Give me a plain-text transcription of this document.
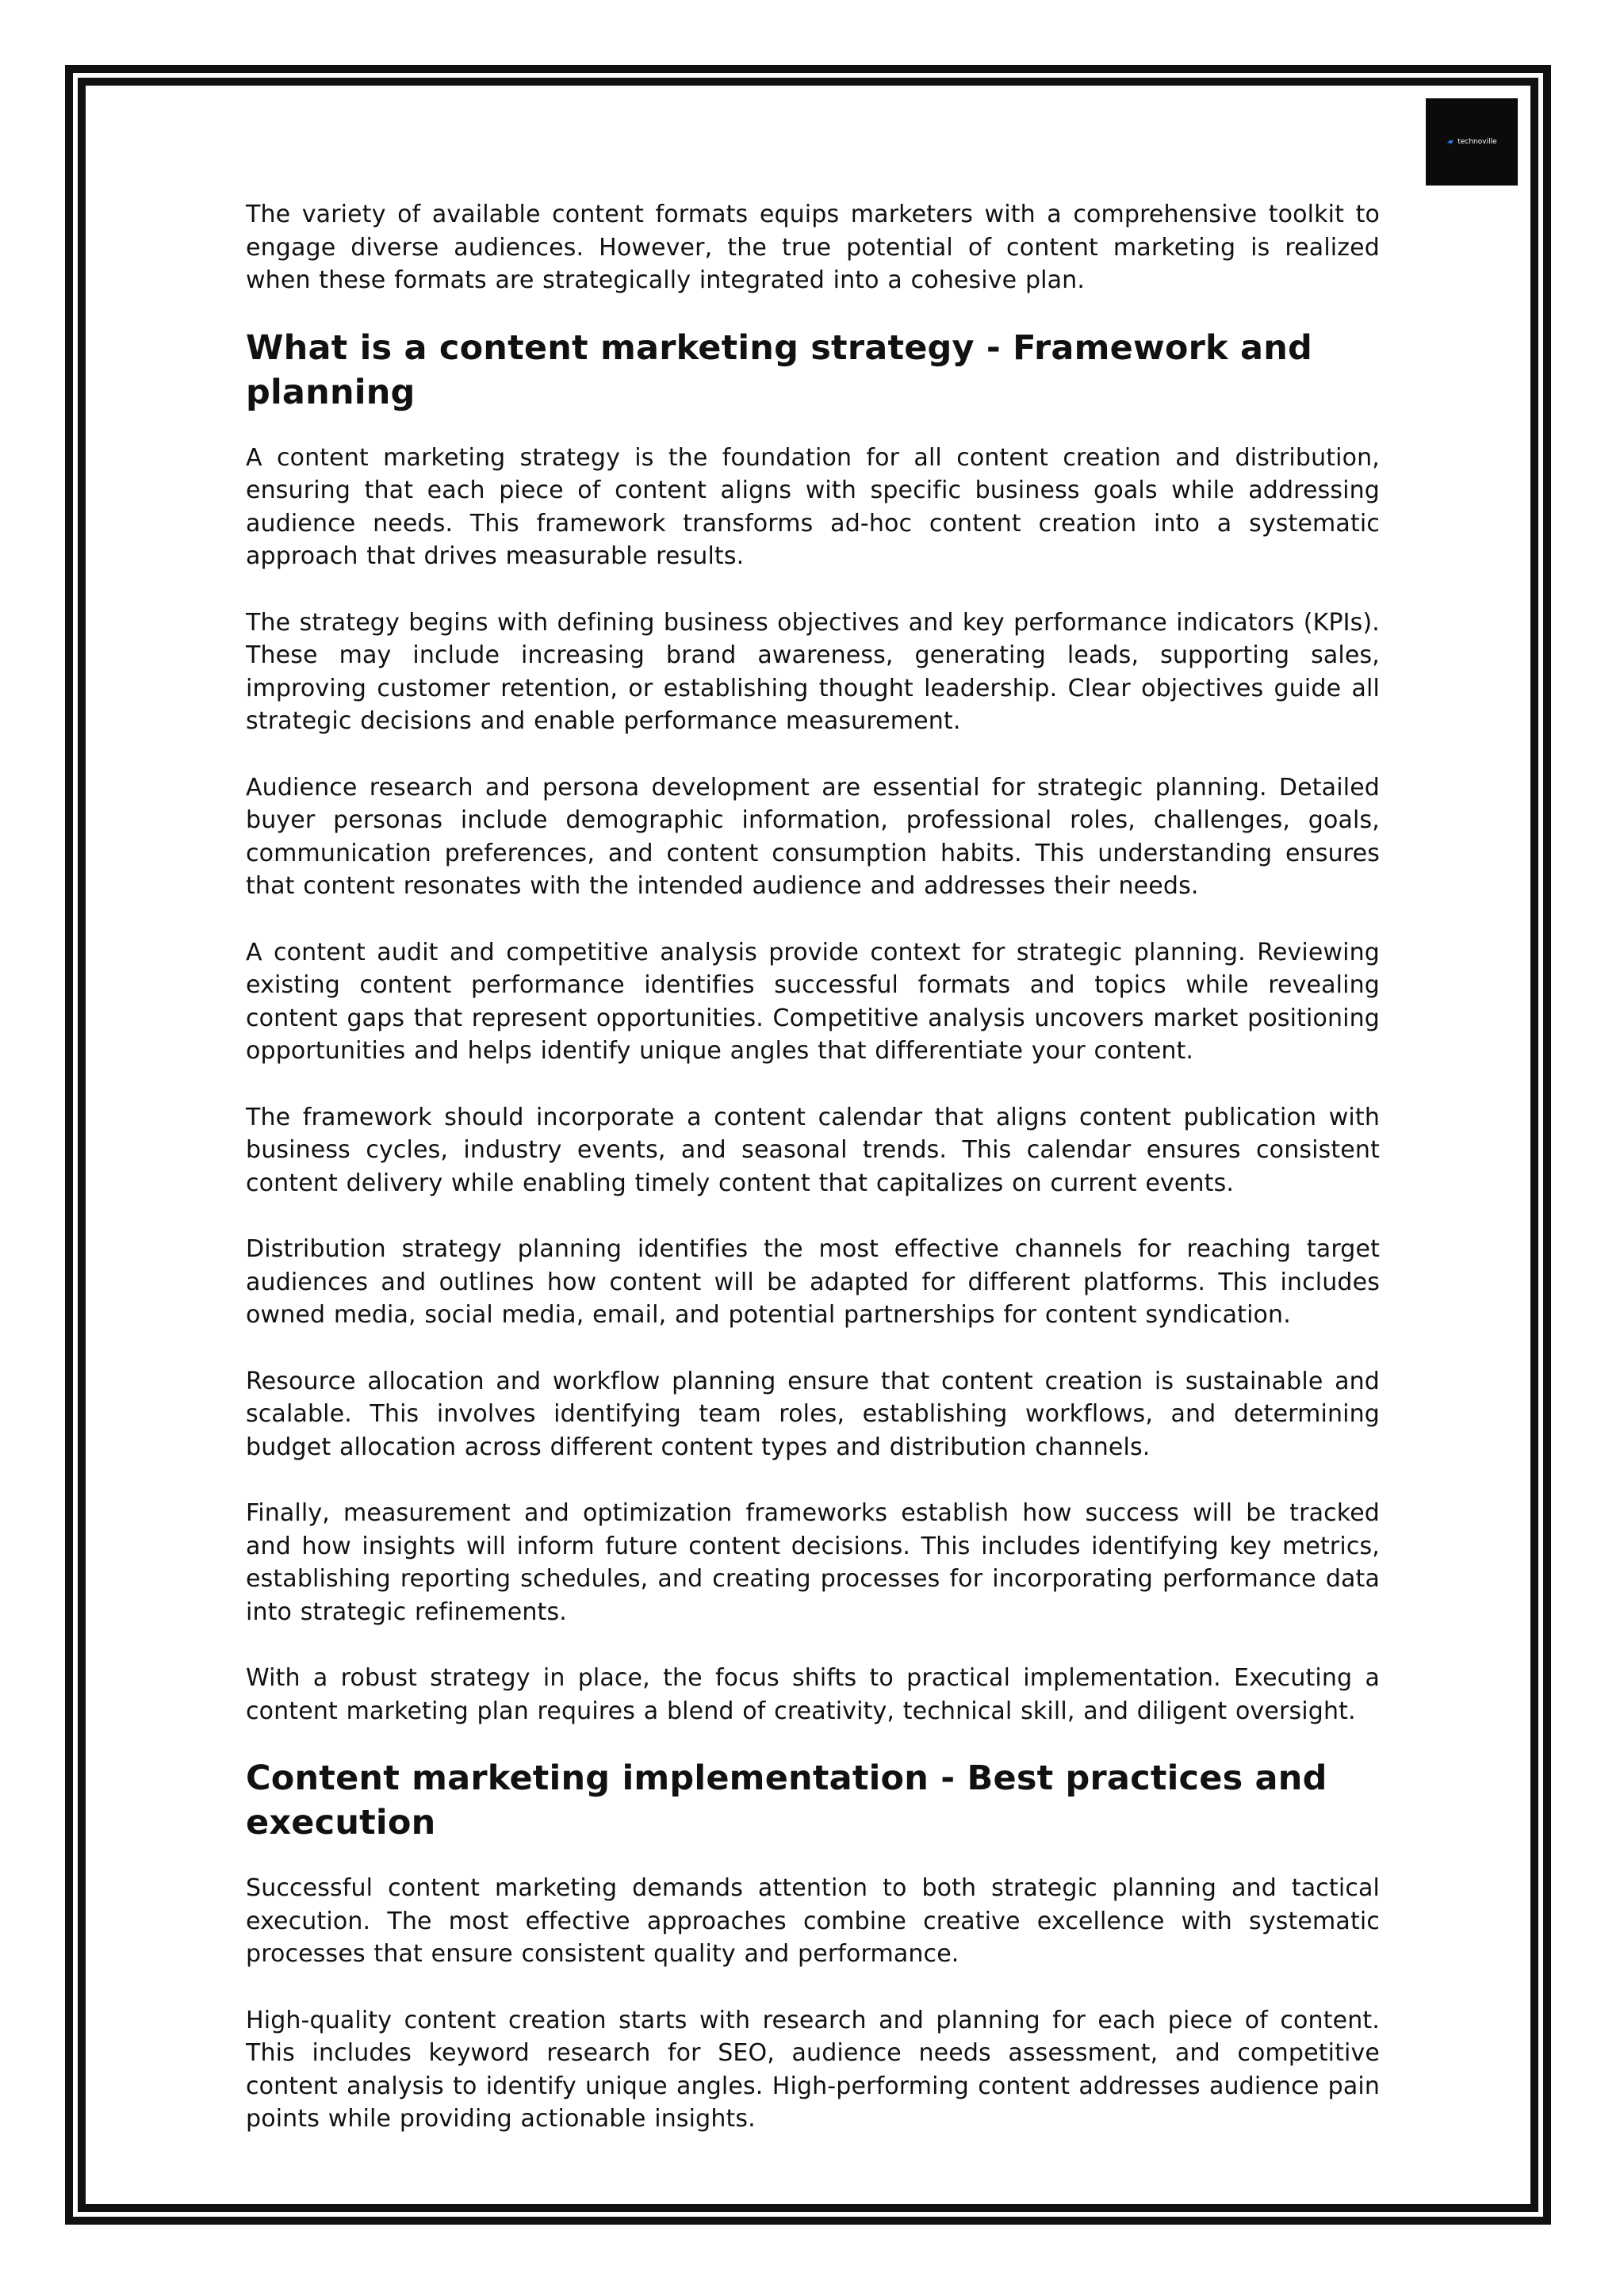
technoville

The variety of available content formats equips marketers with a comprehensive toolkit to engage diverse audiences. However, the true potential of content marketing is realized when these formats are strategically integrated into a cohesive plan.

What is a content marketing strategy - Framework and planning

A content marketing strategy is the foundation for all content creation and distribution, ensuring that each piece of content aligns with specific business goals while addressing audience needs. This framework transforms ad-hoc content creation into a systematic approach that drives measurable results.

The strategy begins with defining business objectives and key performance indicators (KPIs). These may include increasing brand awareness, generating leads, supporting sales, improving customer retention, or establishing thought leadership. Clear objectives guide all strategic decisions and enable performance measurement.

Audience research and persona development are essential for strategic planning. Detailed buyer personas include demographic information, professional roles, challenges, goals, communication preferences, and content consumption habits. This understanding ensures that content resonates with the intended audience and addresses their needs.

A content audit and competitive analysis provide context for strategic planning. Reviewing existing content performance identifies successful formats and topics while revealing content gaps that represent opportunities. Competitive analysis uncovers market positioning opportunities and helps identify unique angles that differentiate your content.

The framework should incorporate a content calendar that aligns content publication with business cycles, industry events, and seasonal trends. This calendar ensures consistent content delivery while enabling timely content that capitalizes on current events.

Distribution strategy planning identifies the most effective channels for reaching target audiences and outlines how content will be adapted for different platforms. This includes owned media, social media, email, and potential partnerships for content syndication.

Resource allocation and workflow planning ensure that content creation is sustainable and scalable. This involves identifying team roles, establishing workflows, and determining budget allocation across different content types and distribution channels.

Finally, measurement and optimization frameworks establish how success will be tracked and how insights will inform future content decisions. This includes identifying key metrics, establishing reporting schedules, and creating processes for incorporating performance data into strategic refinements.

With a robust strategy in place, the focus shifts to practical implementation. Executing a content marketing plan requires a blend of creativity, technical skill, and diligent oversight.

Content marketing implementation - Best practices and execution

Successful content marketing demands attention to both strategic planning and tactical execution. The most effective approaches combine creative excellence with systematic processes that ensure consistent quality and performance.

High-quality content creation starts with research and planning for each piece of content. This includes keyword research for SEO, audience needs assessment, and competitive content analysis to identify unique angles. High-performing content addresses audience pain points while providing actionable insights.
